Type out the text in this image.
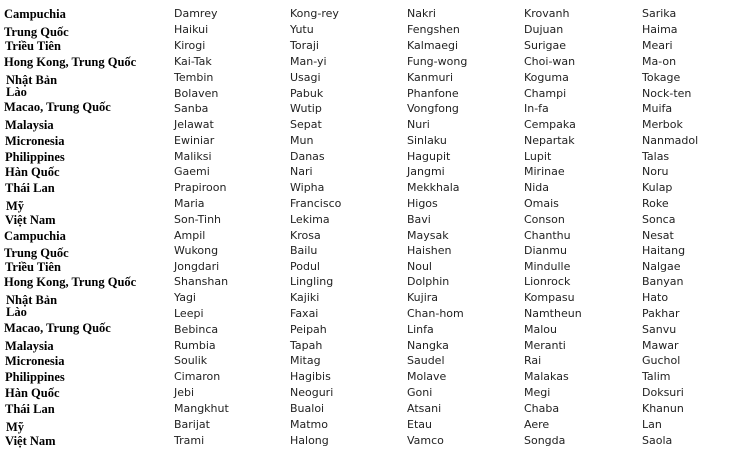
Campuchia	Damrey	Kong-rey	Nakri	Krovanh	Sarika
Trung Quốc	Haikui	Yutu	Fengshen	Dujuan	Haima
Triều Tiên	Kirogi	Toraji	Kalmaegi	Surigae	Meari
Hong Kong, Trung Quốc	Kai-Tak	Man-yi	Fung-wong	Choi-wan	Ma-on
Nhật Bản	Tembin	Usagi	Kanmuri	Koguma	Tokage
Lào	Bolaven	Pabuk	Phanfone	Champi	Nock-ten
Macao, Trung Quốc	Sanba	Wutip	Vongfong	In-fa	Muifa
Malaysia	Jelawat	Sepat	Nuri	Cempaka	Merbok
Micronesia	Ewiniar	Mun	Sinlaku	Nepartak	Nanmadol
Philippines	Maliksi	Danas	Hagupit	Lupit	Talas
Hàn Quốc	Gaemi	Nari	Jangmi	Mirinae	Noru
Thái Lan	Prapiroon	Wipha	Mekkhala	Nida	Kulap
Mỹ	Maria	Francisco	Higos	Omais	Roke
Việt Nam	Son-Tinh	Lekima	Bavi	Conson	Sonca
Campuchia	Ampil	Krosa	Maysak	Chanthu	Nesat
Trung Quốc	Wukong	Bailu	Haishen	Dianmu	Haitang
Triều Tiên	Jongdari	Podul	Noul	Mindulle	Nalgae
Hong Kong, Trung Quốc	Shanshan	Lingling	Dolphin	Lionrock	Banyan
Nhật Bản	Yagi	Kajiki	Kujira	Kompasu	Hato
Lào	Leepi	Faxai	Chan-hom	Namtheun	Pakhar
Macao, Trung Quốc	Bebinca	Peipah	Linfa	Malou	Sanvu
Malaysia	Rumbia	Tapah	Nangka	Meranti	Mawar
Micronesia	Soulik	Mitag	Saudel	Rai	Guchol
Philippines	Cimaron	Hagibis	Molave	Malakas	Talim
Hàn Quốc	Jebi	Neoguri	Goni	Megi	Doksuri
Thái Lan	Mangkhut	Bualoi	Atsani	Chaba	Khanun
Mỹ	Barijat	Matmo	Etau	Aere	Lan
Việt Nam	Trami	Halong	Vamco	Songda	Saola
